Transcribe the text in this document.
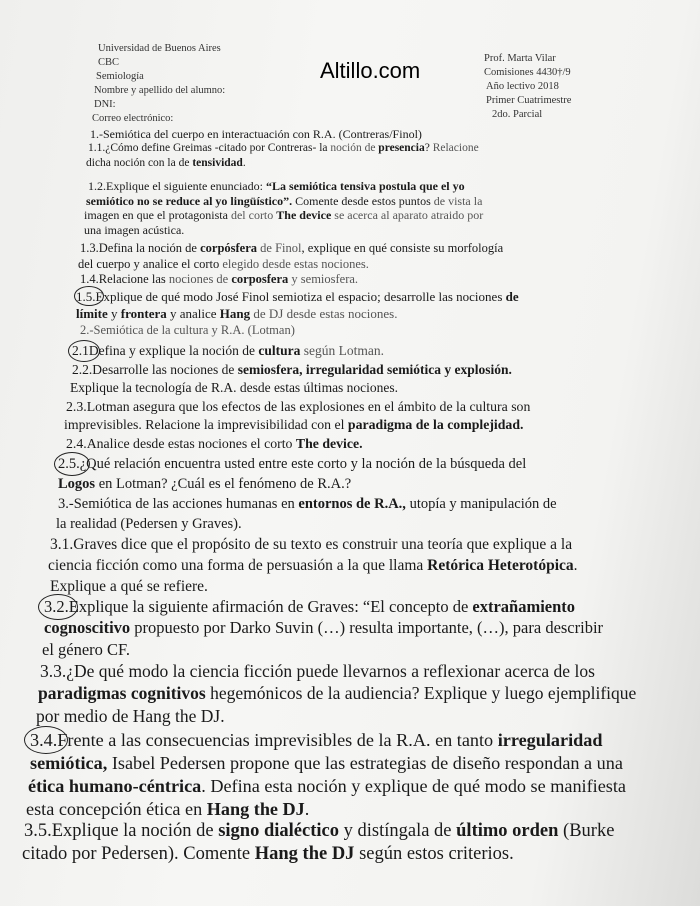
Altillo.com
Universidad de Buenos Aires
CBC
Semiología
Nombre y apellido del alumno:
DNI:
Correo electrónico:
Prof. Marta Vilar
Comisiones 4430†/9
Año lectivo 2018
Primer Cuatrimestre
2do. Parcial
1.-Semiótica del cuerpo en interactuación con R.A. (Contreras/Finol)
1.1.¿Cómo define Greimas -citado por Contreras- la noción de presencia? Relacione
dicha noción con la de tensividad.
1.2.Explique el siguiente enunciado: “La semiótica tensiva postula que el yo
semiótico no se reduce al yo lingüístico”. Comente desde estos puntos de vista la
imagen en que el protagonista del corto The device se acerca al aparato atraido por
una imagen acústica.
1.3.Defina la noción de corpósfera de Finol, explique en qué consiste su morfología
del cuerpo y analice el corto elegido desde estas nociones.
1.4.Relacione las nociones de corposfera y semiosfera.
1.5.Explique de qué modo José Finol semiotiza el espacio; desarrolle las nociones de
límite y frontera y analice Hang de DJ desde estas nociones.
2.-Semiótica de la cultura y R.A. (Lotman)
2.1Defina y explique la noción de cultura según Lotman.
2.2.Desarrolle las nociones de semiosfera, irregularidad semiótica y explosión.
Explique la tecnología de R.A. desde estas últimas nociones.
2.3.Lotman asegura que los efectos de las explosiones en el ámbito de la cultura son
imprevisibles. Relacione la imprevisibilidad con el paradigma de la complejidad.
2.4.Analice desde estas nociones el corto The device.
2.5.¿Qué relación encuentra usted entre este corto y la noción de la búsqueda del
Logos en Lotman? ¿Cuál es el fenómeno de R.A.?
3.-Semiótica de las acciones humanas en entornos de R.A., utopía y manipulación de
la realidad (Pedersen y Graves).
3.1.Graves dice que el propósito de su texto es construir una teoría que explique a la
ciencia ficción como una forma de persuasión a la que llama Retórica Heterotópica.
Explique a qué se refiere.
3.2.Explique la siguiente afirmación de Graves: “El concepto de extrañamiento
cognoscitivo propuesto por Darko Suvin (…) resulta importante, (…), para describir
el género CF.
3.3.¿De qué modo la ciencia ficción puede llevarnos a reflexionar acerca de los
paradigmas cognitivos hegemónicos de la audiencia? Explique y luego ejemplifique
por medio de Hang the DJ.
3.4.Frente a las consecuencias imprevisibles de la R.A. en tanto irregularidad
semiótica, Isabel Pedersen propone que las estrategias de diseño respondan a una
ética humano-céntrica. Defina esta noción y explique de qué modo se manifiesta
esta concepción ética en Hang the DJ.
3.5.Explique la noción de signo dialéctico y distíngala de último orden (Burke
citado por Pedersen). Comente Hang the DJ según estos criterios.
